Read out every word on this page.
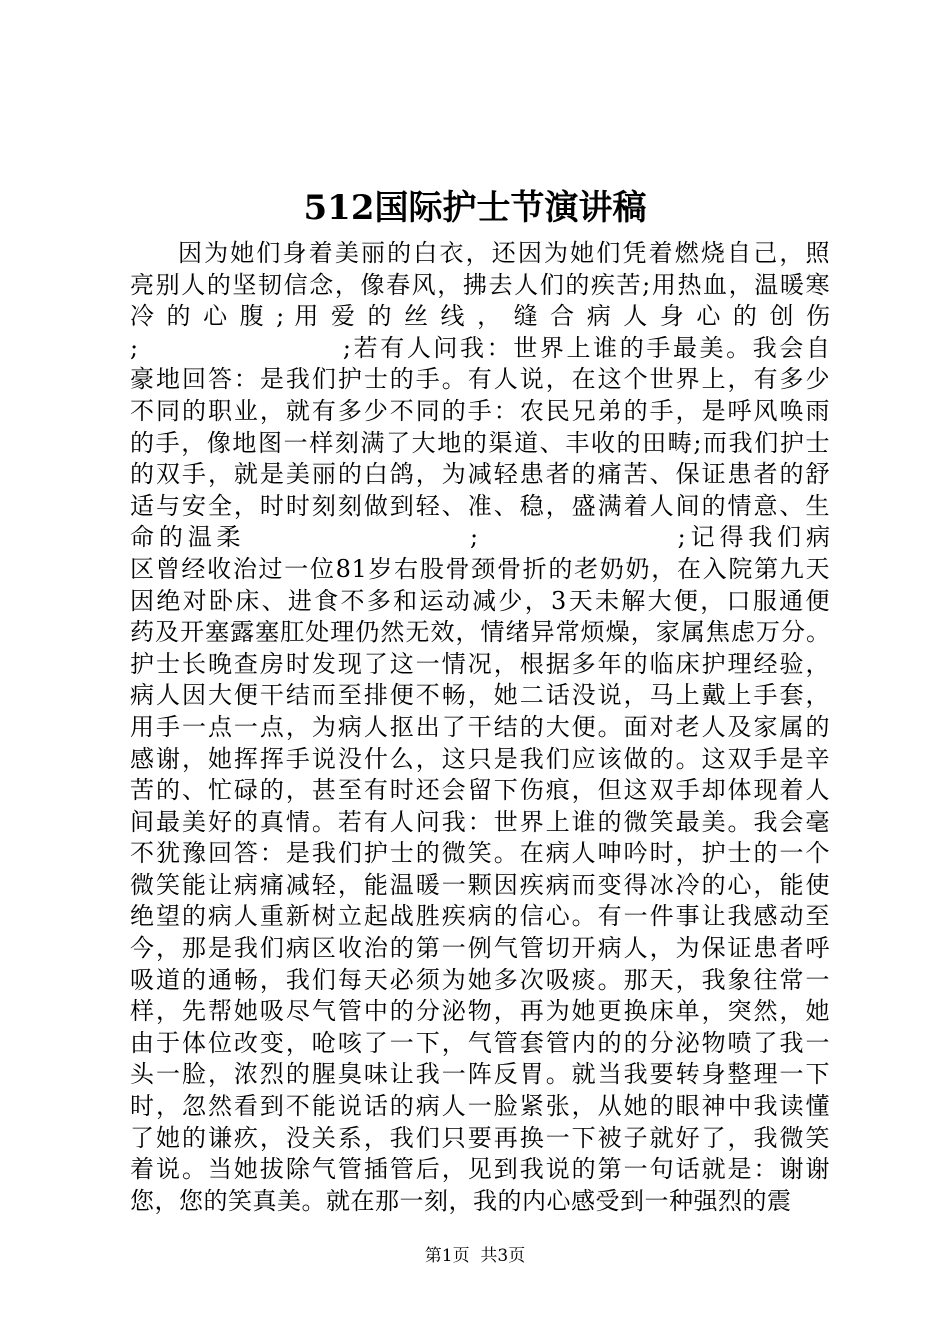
512国际护士节演讲稿
因为她们身着美丽的白衣，还因为她们凭着燃烧自己，照
亮别人的坚韧信念，像春风，拂去人们的疾苦;用热血，温暖寒
冷 的 心 腹 ; 用 爱 的 丝 线 ， 缝 合 病 人 身 心 的 创 伤
;                    ;若有人问我：世界上谁的手最美。我会自
豪地回答：是我们护士的手。有人说，在这个世界上，有多少
不同的职业，就有多少不同的手：农民兄弟的手，是呼风唤雨
的手，像地图一样刻满了大地的渠道、丰收的田畴;而我们护士
的双手，就是美丽的白鸽，为减轻患者的痛苦、保证患者的舒
适与安全，时时刻刻做到轻、准、稳，盛满着人间的情意、生
命的温柔                  ;                ;记得我们病
区曾经收治过一位81岁右股骨颈骨折的老奶奶，在入院第九天
因绝对卧床、进食不多和运动减少，3天未解大便，口服通便
药及开塞露塞肛处理仍然无效，情绪异常烦燥，家属焦虑万分。
护士长晚查房时发现了这一情况，根据多年的临床护理经验，
病人因大便干结而至排便不畅，她二话没说，马上戴上手套，
用手一点一点，为病人抠出了干结的大便。面对老人及家属的
感谢，她挥挥手说没什么，这只是我们应该做的。这双手是辛
苦的、忙碌的，甚至有时还会留下伤痕，但这双手却体现着人
间最美好的真情。若有人问我：世界上谁的微笑最美。我会毫
不犹豫回答：是我们护士的微笑。在病人呻吟时，护士的一个
微笑能让病痛减轻，能温暖一颗因疾病而变得冰冷的心，能使
绝望的病人重新树立起战胜疾病的信心。有一件事让我感动至
今，那是我们病区收治的第一例气管切开病人，为保证患者呼
吸道的通畅，我们每天必须为她多次吸痰。那天，我象往常一
样，先帮她吸尽气管中的分泌物，再为她更换床单，突然，她
由于体位改变，呛咳了一下，气管套管内的的分泌物喷了我一
头一脸，浓烈的腥臭味让我一阵反胃。就当我要转身整理一下
时，忽然看到不能说话的病人一脸紧张，从她的眼神中我读懂
了她的谦疚，没关系，我们只要再换一下被子就好了，我微笑
着说。当她拔除气管插管后，见到我说的第一句话就是：谢谢
您，您的笑真美。就在那一刻，我的内心感受到一种强烈的震
第1页  共3页
